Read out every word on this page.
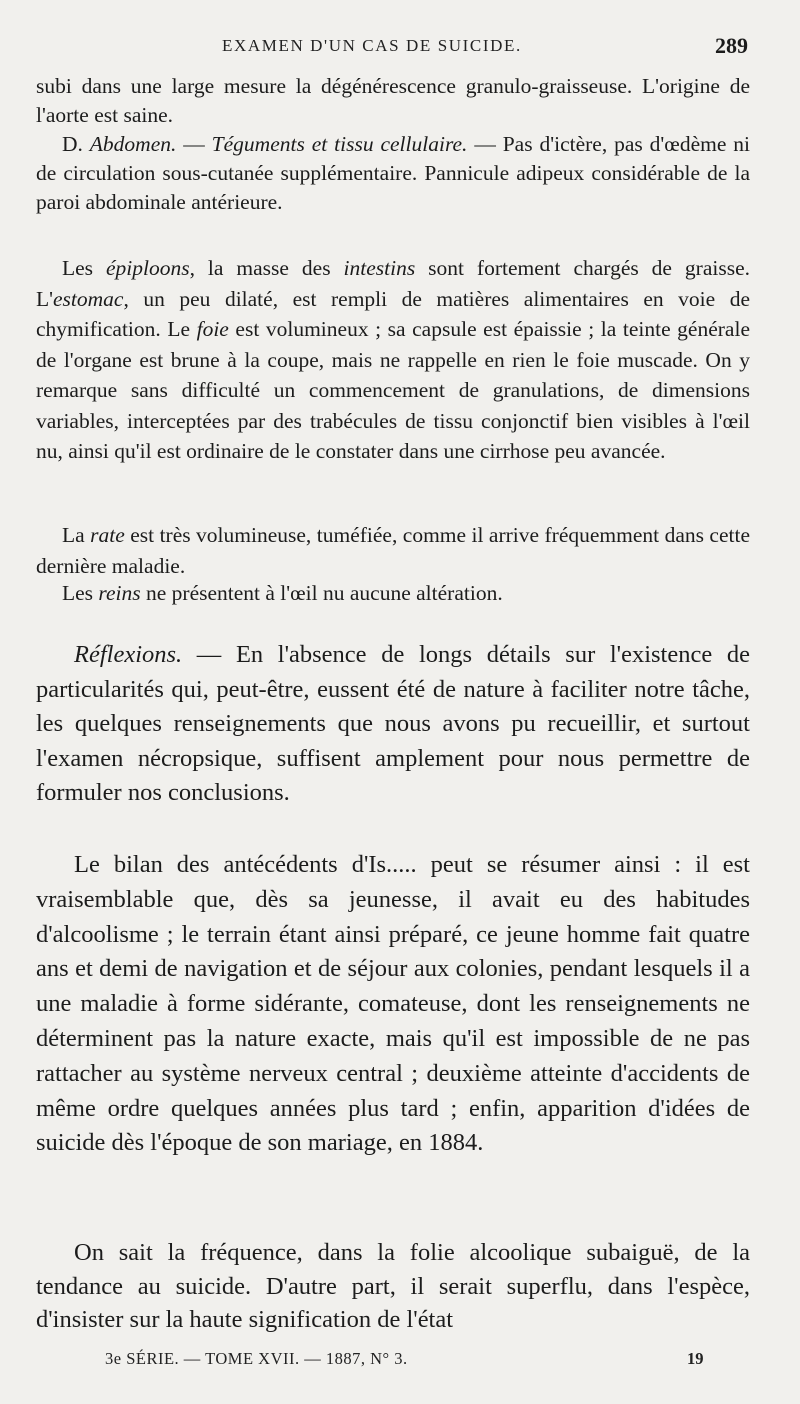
EXAMEN D'UN CAS DE SUICIDE.	289

subi dans une large mesure la dégénérescence granulo-graisseuse. L'origine de l'aorte est saine.
D. Abdomen. — Téguments et tissu cellulaire. — Pas d'ictère, pas d'œdème ni de circulation sous-cutanée supplémentaire. Pannicule adipeux considérable de la paroi abdominale antérieure.

Les épiploons, la masse des intestins sont fortement chargés de graisse. L'estomac, un peu dilaté, est rempli de matières alimentaires en voie de chymification. Le foie est volumineux ; sa capsule est épaissie ; la teinte générale de l'organe est brune à la coupe, mais ne rappelle en rien le foie muscade. On y remarque sans difficulté un commencement de granulations, de dimensions variables, interceptées par des trabécules de tissu conjonctif bien visibles à l'œil nu, ainsi qu'il est ordinaire de le constater dans une cirrhose peu avancée.

La rate est très volumineuse, tuméfiée, comme il arrive fréquemment dans cette dernière maladie.

Les reins ne présentent à l'œil nu aucune altération.

Réflexions. — En l'absence de longs détails sur l'existence de particularités qui, peut-être, eussent été de nature à faciliter notre tâche, les quelques renseignements que nous avons pu recueillir, et surtout l'examen nécropsique, suffisent amplement pour nous permettre de formuler nos conclusions.

Le bilan des antécédents d'Is..... peut se résumer ainsi : il est vraisemblable que, dès sa jeunesse, il avait eu des habitudes d'alcoolisme ; le terrain étant ainsi préparé, ce jeune homme fait quatre ans et demi de navigation et de séjour aux colonies, pendant lesquels il a une maladie à forme sidérante, comateuse, dont les renseignements ne déterminent pas la nature exacte, mais qu'il est impossible de ne pas rattacher au système nerveux central ; deuxième atteinte d'accidents de même ordre quelques années plus tard ; enfin, apparition d'idées de suicide dès l'époque de son mariage, en 1884.

On sait la fréquence, dans la folie alcoolique subaiguë, de la tendance au suicide. D'autre part, il serait superflu, dans l'espèce, d'insister sur la haute signification de l'état

3e SÉRIE. — TOME XVII. — 1887, N° 3.	19
